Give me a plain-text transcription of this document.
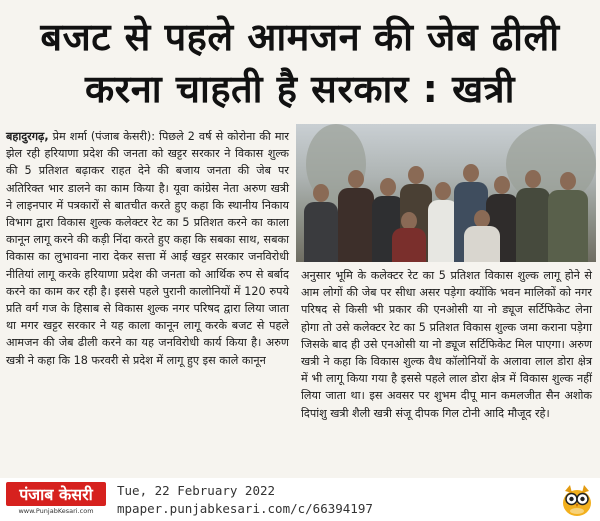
बजट से पहले आमजन की जेब ढीली
करना चाहती है सरकार : खत्री

बहादुरगढ़, प्रेम शर्मा (पंजाब केसरी): पिछले 2 वर्ष से कोरोना की मार झेल रही हरियाणा प्रदेश की जनता को खट्टर सरकार ने विकास शुल्क की 5 प्रतिशत बढ़ाकर राहत देने की बजाय जनता की जेब पर अतिरिक्त भार डालने का काम किया है। यूवा कांग्रेस नेता अरुण खत्री ने लाइनपार में पत्रकारों से बातचीत करते हुए कहा कि स्थानीय निकाय विभाग द्वारा विकास शुल्क कलेक्टर रेट का 5 प्रतिशत करने का काला कानून लागू करने की कड़ी निंदा करते हुए कहा कि सबका साथ, सबका विकास का लुभावना नारा देकर सत्ता में आई खट्टर सरकार जनविरोधी नीतियां लागू करके हरियाणा प्रदेश की जनता को आर्थिक रुप से बर्बाद करने का काम कर रही है। इससे पहले पुरानी कालोनियों में 120 रुपये प्रति वर्ग गज के हिसाब से विकास शुल्क नगर परिषद द्वारा लिया जाता था मगर खट्टर सरकार ने यह काला कानून लागू करके बजट से पहले आमजन की जेब ढीली करने का यह जनविरोधी कार्य किया है। अरुण खत्री ने कहा कि 18 फरवरी से प्रदेश में लागू हुए इस काले कानून

अनुसार भूमि के कलेक्टर रेट का 5 प्रतिशत विकास शुल्क लागू होने से आम लोगों की जेब पर सीधा असर पड़ेगा क्योंकि भवन मालिकों को नगर परिषद से किसी भी प्रकार की एनओसी या नो ड्यूज सर्टिफिकेट लेना होगा तो उसे कलेक्टर रेट का 5 प्रतिशत विकास शुल्क जमा कराना पड़ेगा जिसके बाद ही उसे एनओसी या नो ड्यूज सर्टिफिकेट मिल पाएगा। अरुण खत्री ने कहा कि विकास शुल्क वैध कॉलोनियों के अलावा लाल डोरा क्षेत्र में भी लागू किया गया है इससे पहले लाल डोरा क्षेत्र में विकास शुल्क नहीं लिया जाता था। इस अवसर पर शुभम दीपू मान कमलजीत सैन अशोक दिपांशु खत्री शैली खत्री संजू दीपक गिल टोनी आदि मौजूद रहे।

पंजाब केसरी
www.PunjabKesari.com
Tue, 22 February 2022
mpaper.punjabkesari.com/c/66394197
